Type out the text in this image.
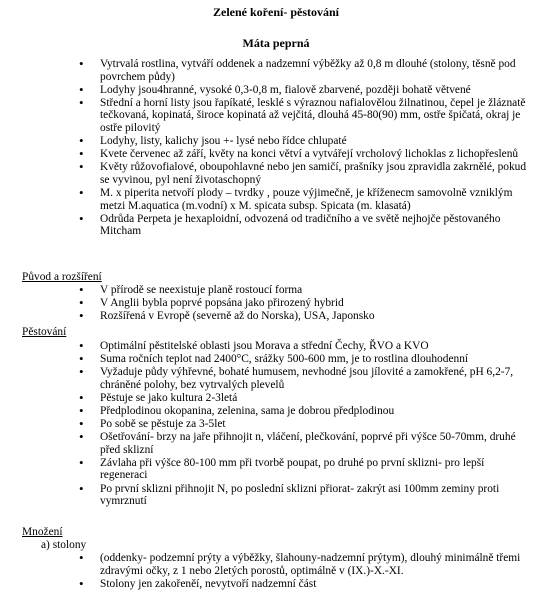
Zelené koření- pěstování
Máta peprná
• Vytrvalá rostlina, vytváří oddenek a nadzemní výběžky až 0,8 m dlouhé (stolony, těsně pod povrchem půdy)
• Lodyhy jsou4hranné, vysoké 0,3-0,8 m, fialově zbarvené, později bohatě větvené
• Střední a horní listy jsou řapíkaté, lesklé s výraznou nafialovělou žilnatinou, čepel je žláznatě tečkovaná, kopinatá, široce kopinatá až vejčitá, dlouhá 45-80(90) mm, ostře špičatá, okraj je ostře pilovitý
• Lodyhy, listy, kalichy jsou +- lysé nebo řídce chlupaté
• Kvete červenec až září, květy na konci větví a vytvářejí vrcholový lichoklas z lichopřeslenů
• Květy růžovofialové, oboupohlavné nebo jen samičí, prašníky jsou zpravidla zakrnělé, pokud se vyvinou, pyl není životaschopný
• M. x piperita netvoří plody – tvrdky , pouze výjimečně, je kříženecm samovolně vzniklým metzi M.aquatica (m.vodní) x M. spicata subsp. Spicata (m. klasatá)
• Odrůda Perpeta je hexaploidní, odvozená od tradičního a ve světě nejhojče pěstovaného Mitcham
Původ a rozšíření
• V přírodě se neexistuje planě rostoucí forma
• V Anglii bybla poprvé popsána jako přirozený hybrid
• Rozšířená v Evropě (severně až do Norska), USA, Japonsko
Pěstování
• Optimální pěstitelské oblasti jsou Morava a střední Čechy, ŘVO a KVO
• Suma ročních teplot nad 2400°C, srážky 500-600 mm, je to rostlina dlouhodenní
• Vyžaduje půdy výhřevné, bohaté humusem, nevhodné jsou jílovité a zamokřené, pH 6,2-7, chráněné polohy, bez vytrvalých plevelů
• Pěstuje se jako kultura 2-3letá
• Předplodinou okopanina, zelenina, sama je dobrou předplodinou
• Po sobě se pěstuje za 3-5let
• Ošetřování- brzy na jaře přihnojit n, vláčení, plečkování, poprvé při výšce 50-70mm, druhé před sklizní
• Závlaha při výšce 80-100 mm při tvorbě poupat, po druhé po první sklizni- pro lepší regeneraci
• Po první sklizni přihnojit N, po poslední sklizni přiorat- zakrýt asi 100mm zeminy proti vymrznutí
Množení
a) stolony
• (oddenky- podzemní prýty a výběžky, šlahouny-nadzemní prýtym), dlouhý minimálně třemi zdravými očky, z 1 nebo 2letých porostů, optimálně v (IX.)-X.-XI.
• Stolony jen zakořeněí, nevytvoří nadzemní část
